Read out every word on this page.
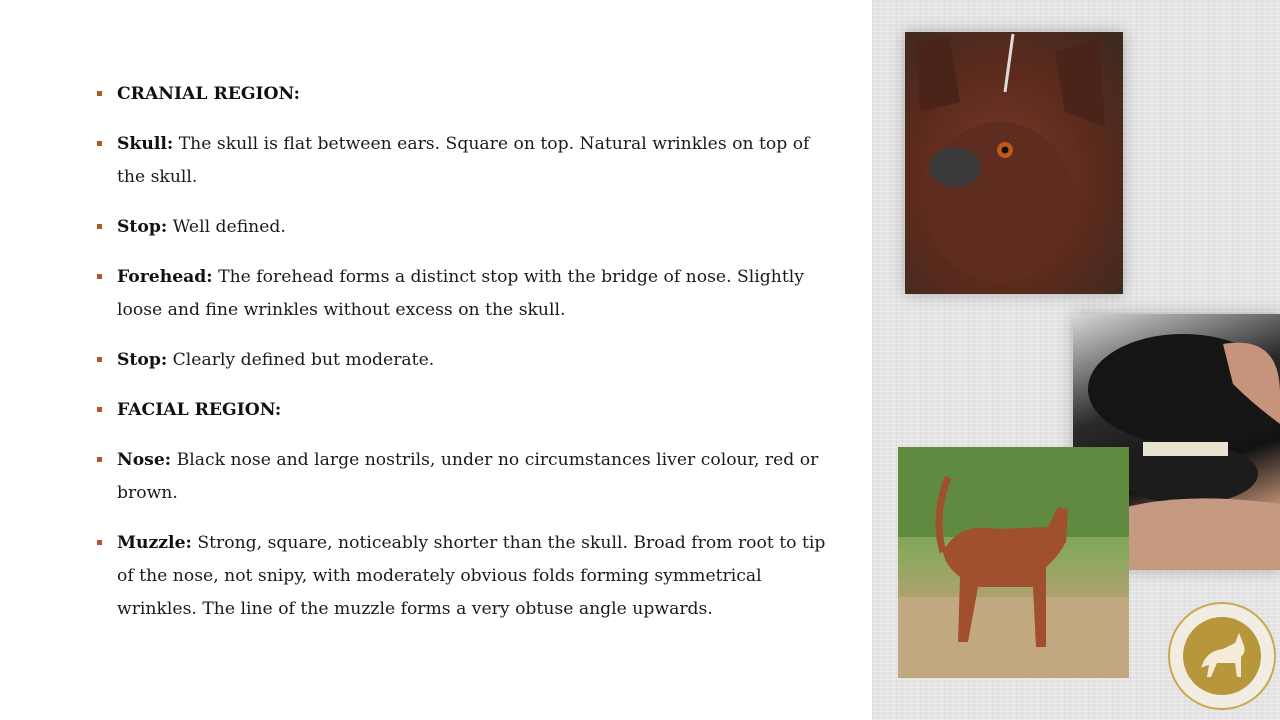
CRANIAL REGION:
Skull: The skull is flat between ears. Square on top. Natural wrinkles on top of the skull.
Stop: Well defined.
Forehead: The forehead forms a distinct stop with the bridge of nose. Slightly loose and fine wrinkles without excess on the skull.
Stop: Clearly defined but moderate.
FACIAL REGION:
Nose: Black nose and large nostrils, under no circumstances liver colour, red or brown.
Muzzle: Strong, square, noticeably shorter than the skull. Broad from root to tip of the nose, not snipy, with moderately obvious folds forming symmetrical wrinkles. The line of the muzzle forms a very obtuse angle upwards.
